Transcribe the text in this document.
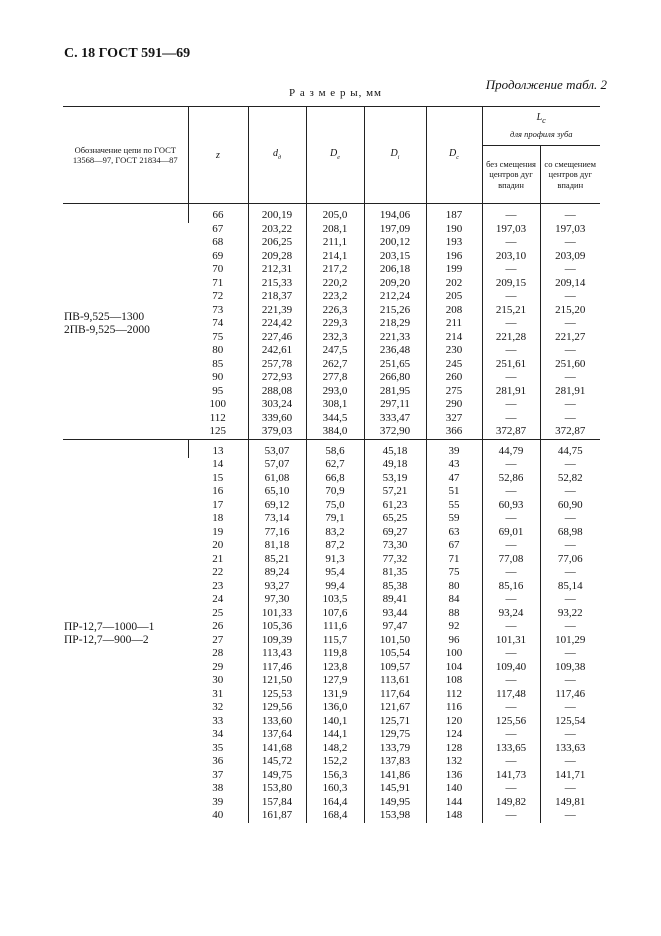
С. 18 ГОСТ 591—69
Продолжение табл. 2
Р а з м е р ы, мм
Обозначение цепи по ГОСТ 13568—97, ГОСТ 21834—87	z	$d_д$	$D_e$	$D_i$	$D_c$	$L_c$
для профиля зуба	
						без смещения центров дуг впадин	со смещением центров дуг впадин
ПВ-9,525—1300 2ПВ-9,525—2000	66	200,19	205,0	194,06	187	—	—
	67	203,22	208,1	197,09	190	197,03	197,03
	68	206,25	211,1	200,12	193	—	—
	69	209,28	214,1	203,15	196	203,10	203,09
	70	212,31	217,2	206,18	199	—	—
	71	215,33	220,2	209,20	202	209,15	209,14
	72	218,37	223,2	212,24	205	—	—
	73	221,39	226,3	215,26	208	215,21	215,20
	74	224,42	229,3	218,29	211	—	—
	75	227,46	232,3	221,33	214	221,28	221,27
	80	242,61	247,5	236,48	230	—	—
	85	257,78	262,7	251,65	245	251,61	251,60
	90	272,93	277,8	266,80	260	—	—
	95	288,08	293,0	281,95	275	281,91	281,91
	100	303,24	308,1	297,11	290	—	—
	112	339,60	344,5	333,47	327	—	—
	125	379,03	384,0	372,90	366	372,87	372,87
ПР-12,7—1000—1 ПР-12,7—900—2	13	53,07	58,6	45,18	39	44,79	44,75
	14	57,07	62,7	49,18	43	—	—
	15	61,08	66,8	53,19	47	52,86	52,82
	16	65,10	70,9	57,21	51	—	—
	17	69,12	75,0	61,23	55	60,93	60,90
	18	73,14	79,1	65,25	59	—	—
	19	77,16	83,2	69,27	63	69,01	68,98
	20	81,18	87,2	73,30	67	—	—
	21	85,21	91,3	77,32	71	77,08	77,06
	22	89,24	95,4	81,35	75	—	—
	23	93,27	99,4	85,38	80	85,16	85,14
	24	97,30	103,5	89,41	84	—	—
	25	101,33	107,6	93,44	88	93,24	93,22
	26	105,36	111,6	97,47	92	—	—
	27	109,39	115,7	101,50	96	101,31	101,29
	28	113,43	119,8	105,54	100	—	—
	29	117,46	123,8	109,57	104	109,40	109,38
	30	121,50	127,9	113,61	108	—	—
	31	125,53	131,9	117,64	112	117,48	117,46
	32	129,56	136,0	121,67	116	—	—
	33	133,60	140,1	125,71	120	125,56	125,54
	34	137,64	144,1	129,75	124	—	—
	35	141,68	148,2	133,79	128	133,65	133,63
	36	145,72	152,2	137,83	132	—	—
	37	149,75	156,3	141,86	136	141,73	141,71
	38	153,80	160,3	145,91	140	—	—
	39	157,84	164,4	149,95	144	149,82	149,81
	40	161,87	168,4	153,98	148	—	—
